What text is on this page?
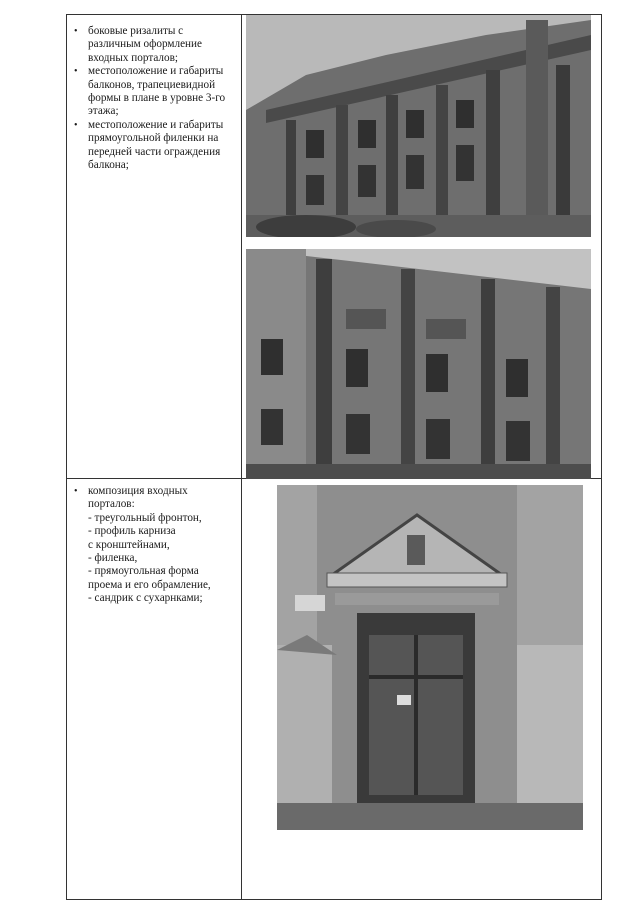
• боковые ризалиты с различным оформление входных порталов;
• местоположение и габариты балконов, трапециевидной формы в плане в уровне 3-го этажа;
• местоположение и габариты прямоугольной филенки на передней части ограждения балкона;
• композиция входных порталов:
- треугольный фронтон,
- профиль карниза
с кронштейнами,
- филенка,
- прямоугольная форма
проема и его обрамление,
- сандрик с сухарнками;
